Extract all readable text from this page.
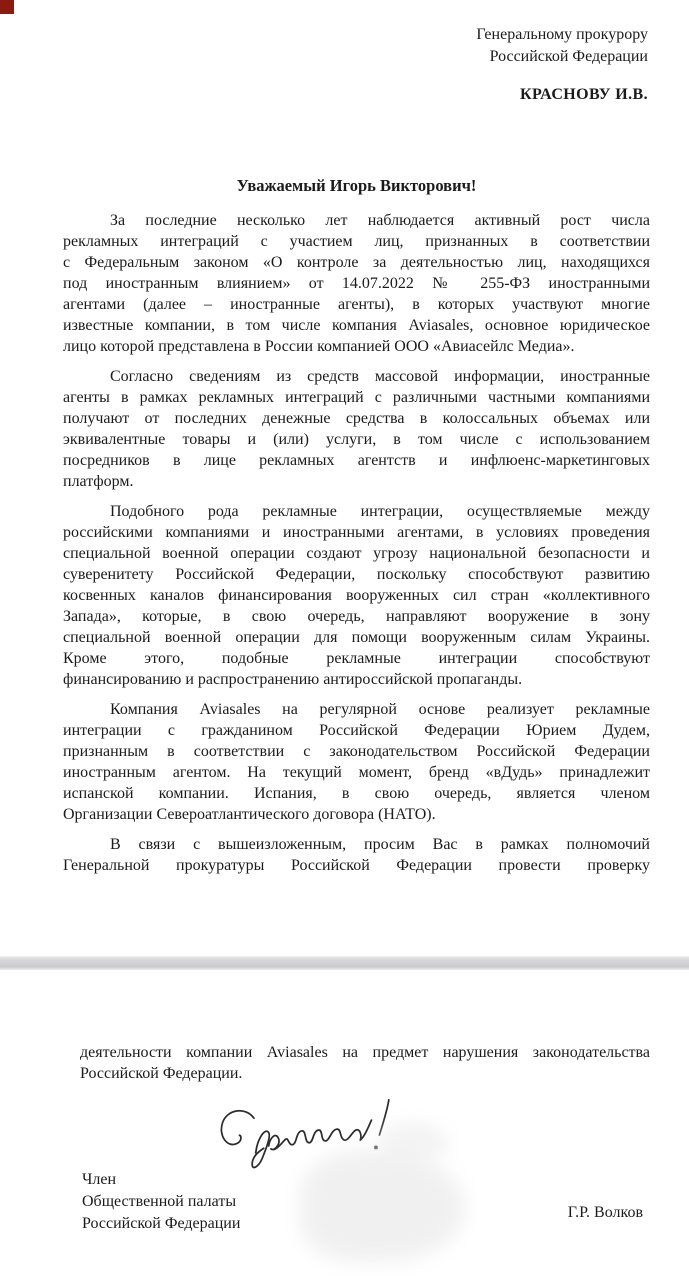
Генеральному прокурору
Российской Федерации
КРАСНОВУ И.В.
Уважаемый Игорь Викторович!
За последние несколько лет наблюдается активный рост числа
рекламных интеграций с участием лиц, признанных в соответствии
с Федеральным законом «О контроле за деятельностью лиц, находящихся
под иностранным влиянием» от 14.07.2022 № 255-ФЗ иностранными
агентами (далее – иностранные агенты), в которых участвуют многие
известные компании, в том числе компания Aviasales, основное юридическое
лицо которой представлена в России компанией ООО «Авиасейлс Медиа».
Согласно сведениям из средств массовой информации, иностранные
агенты в рамках рекламных интеграций с различными частными компаниями
получают от последних денежные средства в колоссальных объемах или
эквивалентные товары и (или) услуги, в том числе с использованием
посредников в лице рекламных агентств и инфлюенс-маркетинговых
платформ.
Подобного рода рекламные интеграции, осуществляемые между
российскими компаниями и иностранными агентами, в условиях проведения
специальной военной операции создают угрозу национальной безопасности и
суверенитету Российской Федерации, поскольку способствуют развитию
косвенных каналов финансирования вооруженных сил стран «коллективного
Запада», которые, в свою очередь, направляют вооружение в зону
специальной военной операции для помощи вооруженным силам Украины.
Кроме этого, подобные рекламные интеграции способствуют
финансированию и распространению антироссийской пропаганды.
Компания Aviasales на регулярной основе реализует рекламные
интеграции с гражданином Российской Федерации Юрием Дудем,
признанным в соответствии с законодательством Российской Федерации
иностранным агентом. На текущий момент, бренд «вДудь» принадлежит
испанской компании. Испания, в свою очередь, является членом
Организации Североатлантического договора (НАТО).
В связи с вышеизложенным, просим Вас в рамках полномочий
Генеральной прокуратуры Российской Федерации провести проверку
деятельности компании Aviasales на предмет нарушения законодательства
Российской Федерации.
Член
Общественной палаты
Российской Федерации
Г.Р. Волков
